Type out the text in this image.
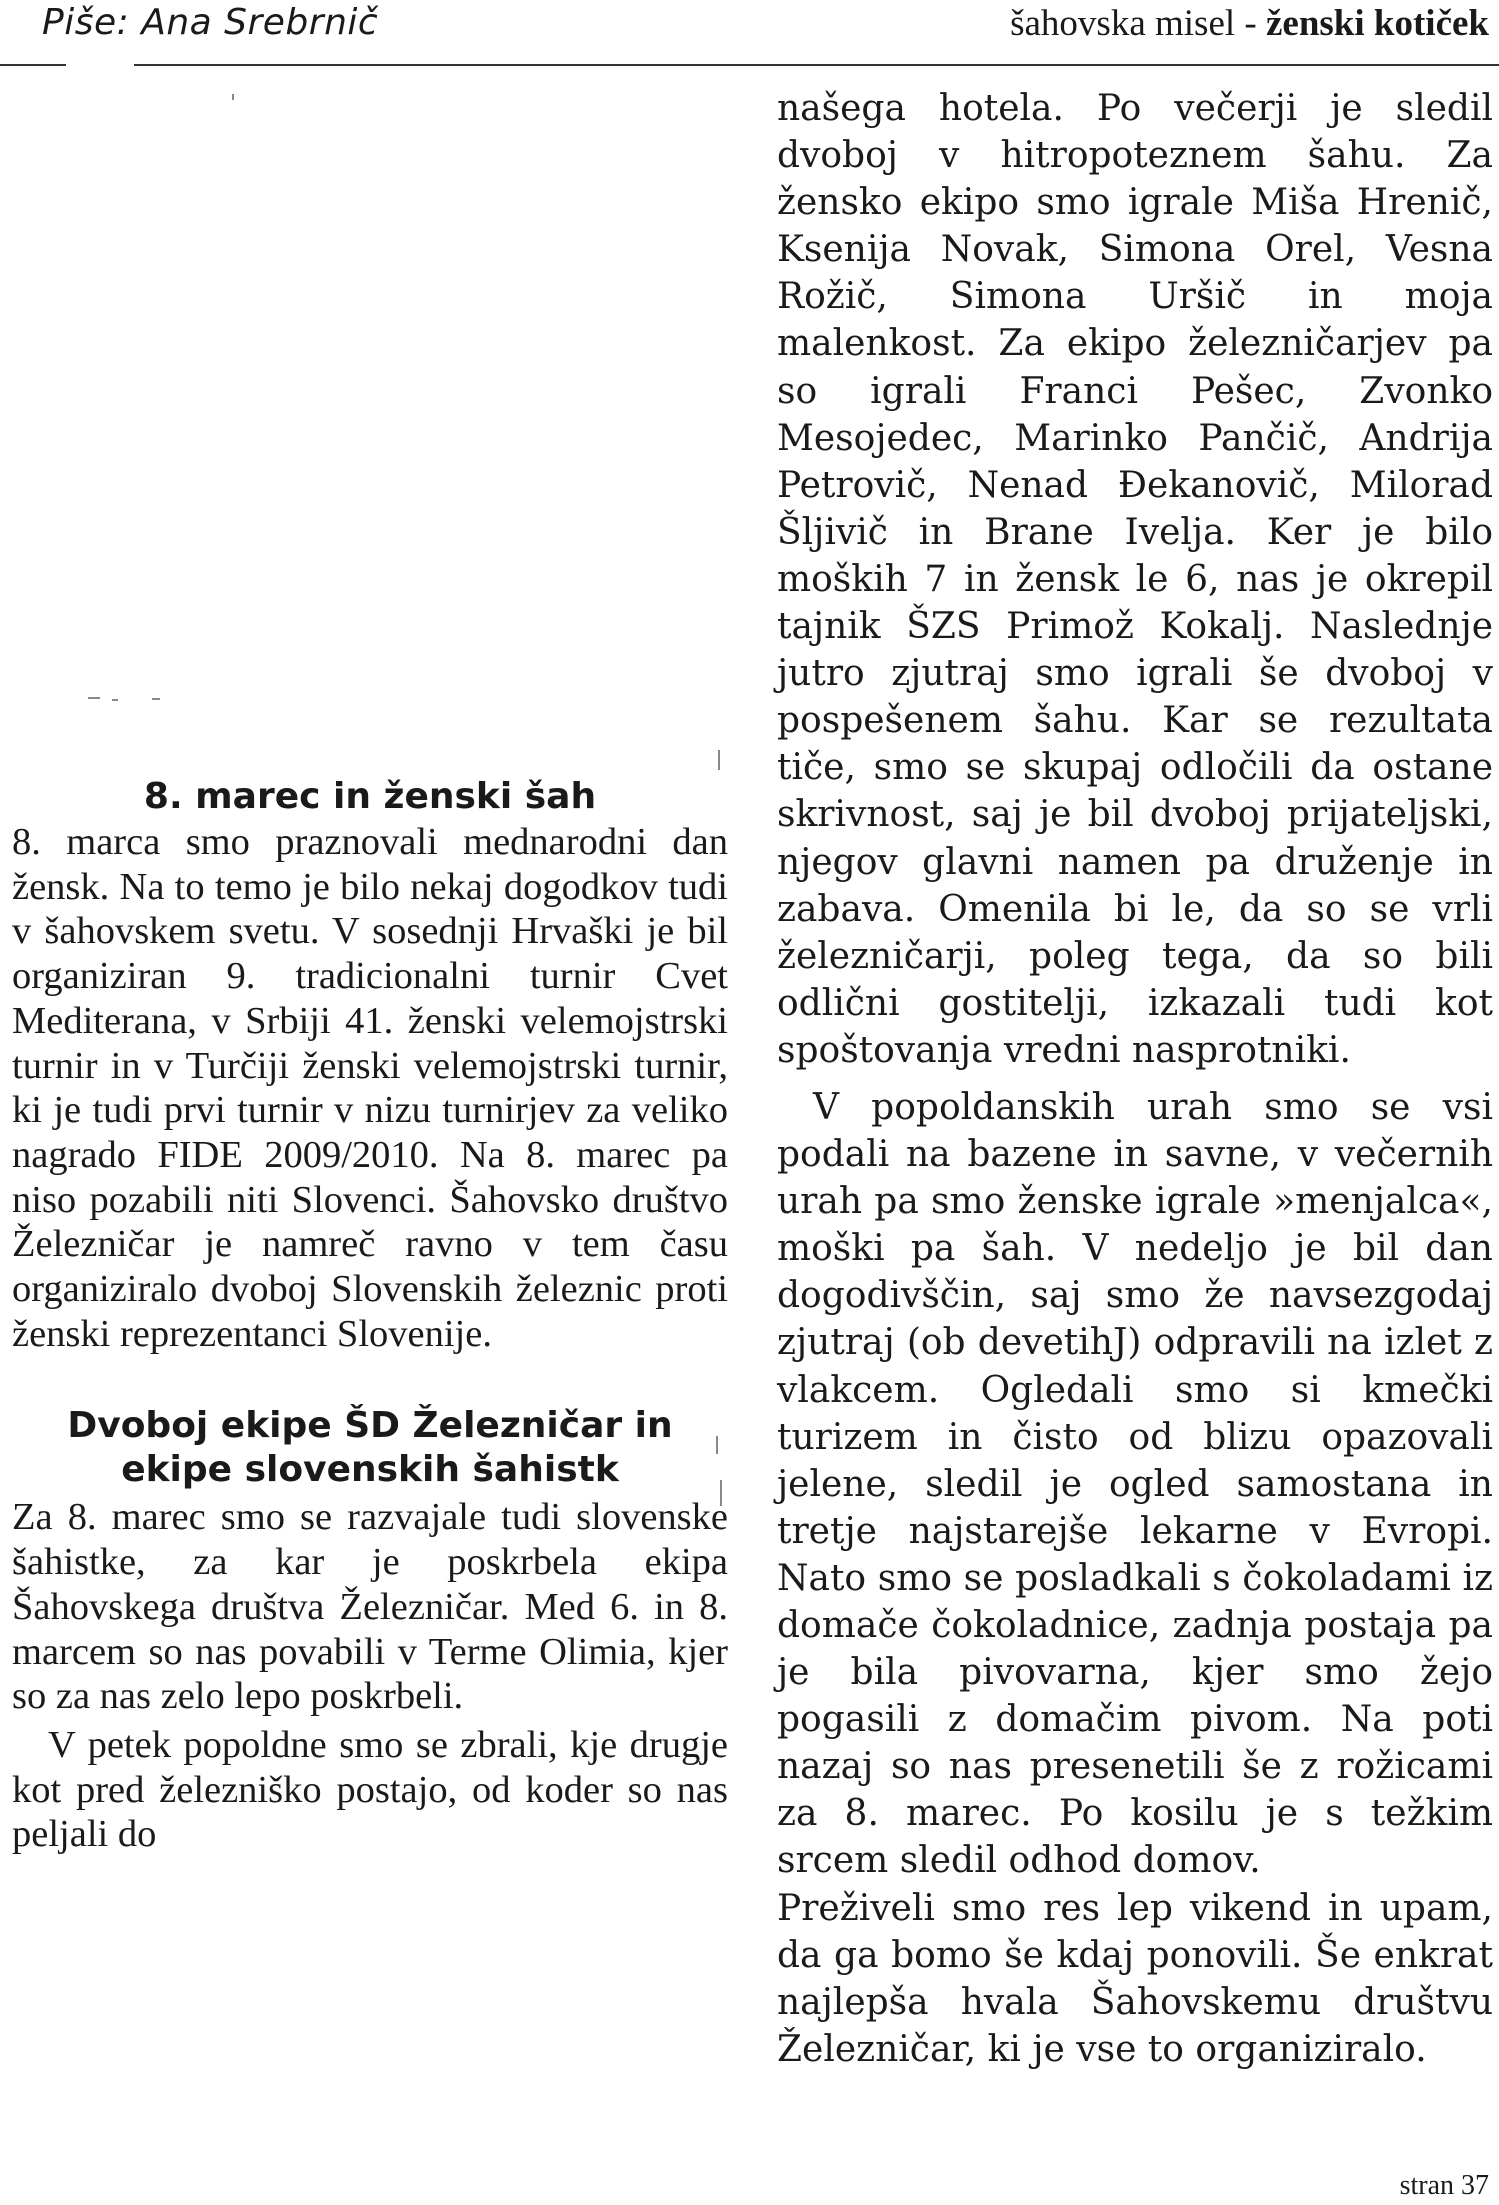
Piše: Ana Srebrnič	šahovska misel - ženski kotiček
8. marec in ženski šah

8. marca smo praznovali mednarodni dan žensk. Na to temo je bilo nekaj dogodkov tudi v šahovskem svetu. V sosednji Hrvaški je bil organiziran 9. tradicionalni turnir Cvet Mediterana, v Srbiji 41. ženski velemojstrski turnir in v Turčiji ženski velemojstrski turnir, ki je tudi prvi turnir v nizu turnirjev za veliko nagrado FIDE 2009/2010. Na 8. marec pa niso pozabili niti Slovenci. Šahovsko društvo Železničar je namreč ravno v tem času organiziralo dvoboj Slovenskih železnic proti ženski reprezentanci Slovenije.

Dvoboj ekipe ŠD Železničar in ekipe slovenskih šahistk

Za 8. marec smo se razvajale tudi slovenske šahistke, za kar je poskrbela ekipa Šahovskega društva Železničar. Med 6. in 8. marcem so nas povabili v Terme Olimia, kjer so za nas zelo lepo poskrbeli.

V petek popoldne smo se zbrali, kje drugje kot pred železniško postajo, od koder so nas peljali do

našega hotela. Po večerji je sledil dvoboj v hitropoteznem šahu. Za žensko ekipo smo igrale Miša Hrenič, Ksenija Novak, Simona Orel, Vesna Rožič, Simona Uršič in moja malenkost. Za ekipo železničarjev pa so igrali Franci Pešec, Zvonko Mesojedec, Marinko Pančič, Andrija Petrovič, Nenad Đekanovič, Milorad Šljivič in Brane Ivelja. Ker je bilo moških 7 in žensk le 6, nas je okrepil tajnik ŠZS Primož Kokalj. Naslednje jutro zjutraj smo igrali še dvoboj v pospešenem šahu. Kar se rezultata tiče, smo se skupaj odločili da ostane skrivnost, saj je bil dvoboj prijateljski, njegov glavni namen pa druženje in zabava. Omenila bi le, da so se vrli železničarji, poleg tega, da so bili odlični gostitelji, izkazali tudi kot spoštovanja vredni nasprotniki.

V popoldanskih urah smo se vsi podali na bazene in savne, v večernih urah pa smo ženske igrale »menjalca«, moški pa šah. V nedeljo je bil dan dogodivščin, saj smo že navsezgodaj zjutraj (ob devetihJ) odpravili na izlet z vlakcem. Ogledali smo si kmečki turizem in čisto od blizu opazovali jelene, sledil je ogled samostana in tretje najstarejše lekarne v Evropi. Nato smo se posladkali s čokoladami iz domače čokoladnice, zadnja postaja pa je bila pivovarna, kjer smo žejo pogasili z domačim pivom. Na poti nazaj so nas presenetili še z rožicami za 8. marec. Po kosilu je s težkim srcem sledil odhod domov.

Preživeli smo res lep vikend in upam, da ga bomo še kdaj ponovili. Še enkrat najlepša hvala Šahovskemu društvu Železničar, ki je vse to organiziralo.

stran 37
